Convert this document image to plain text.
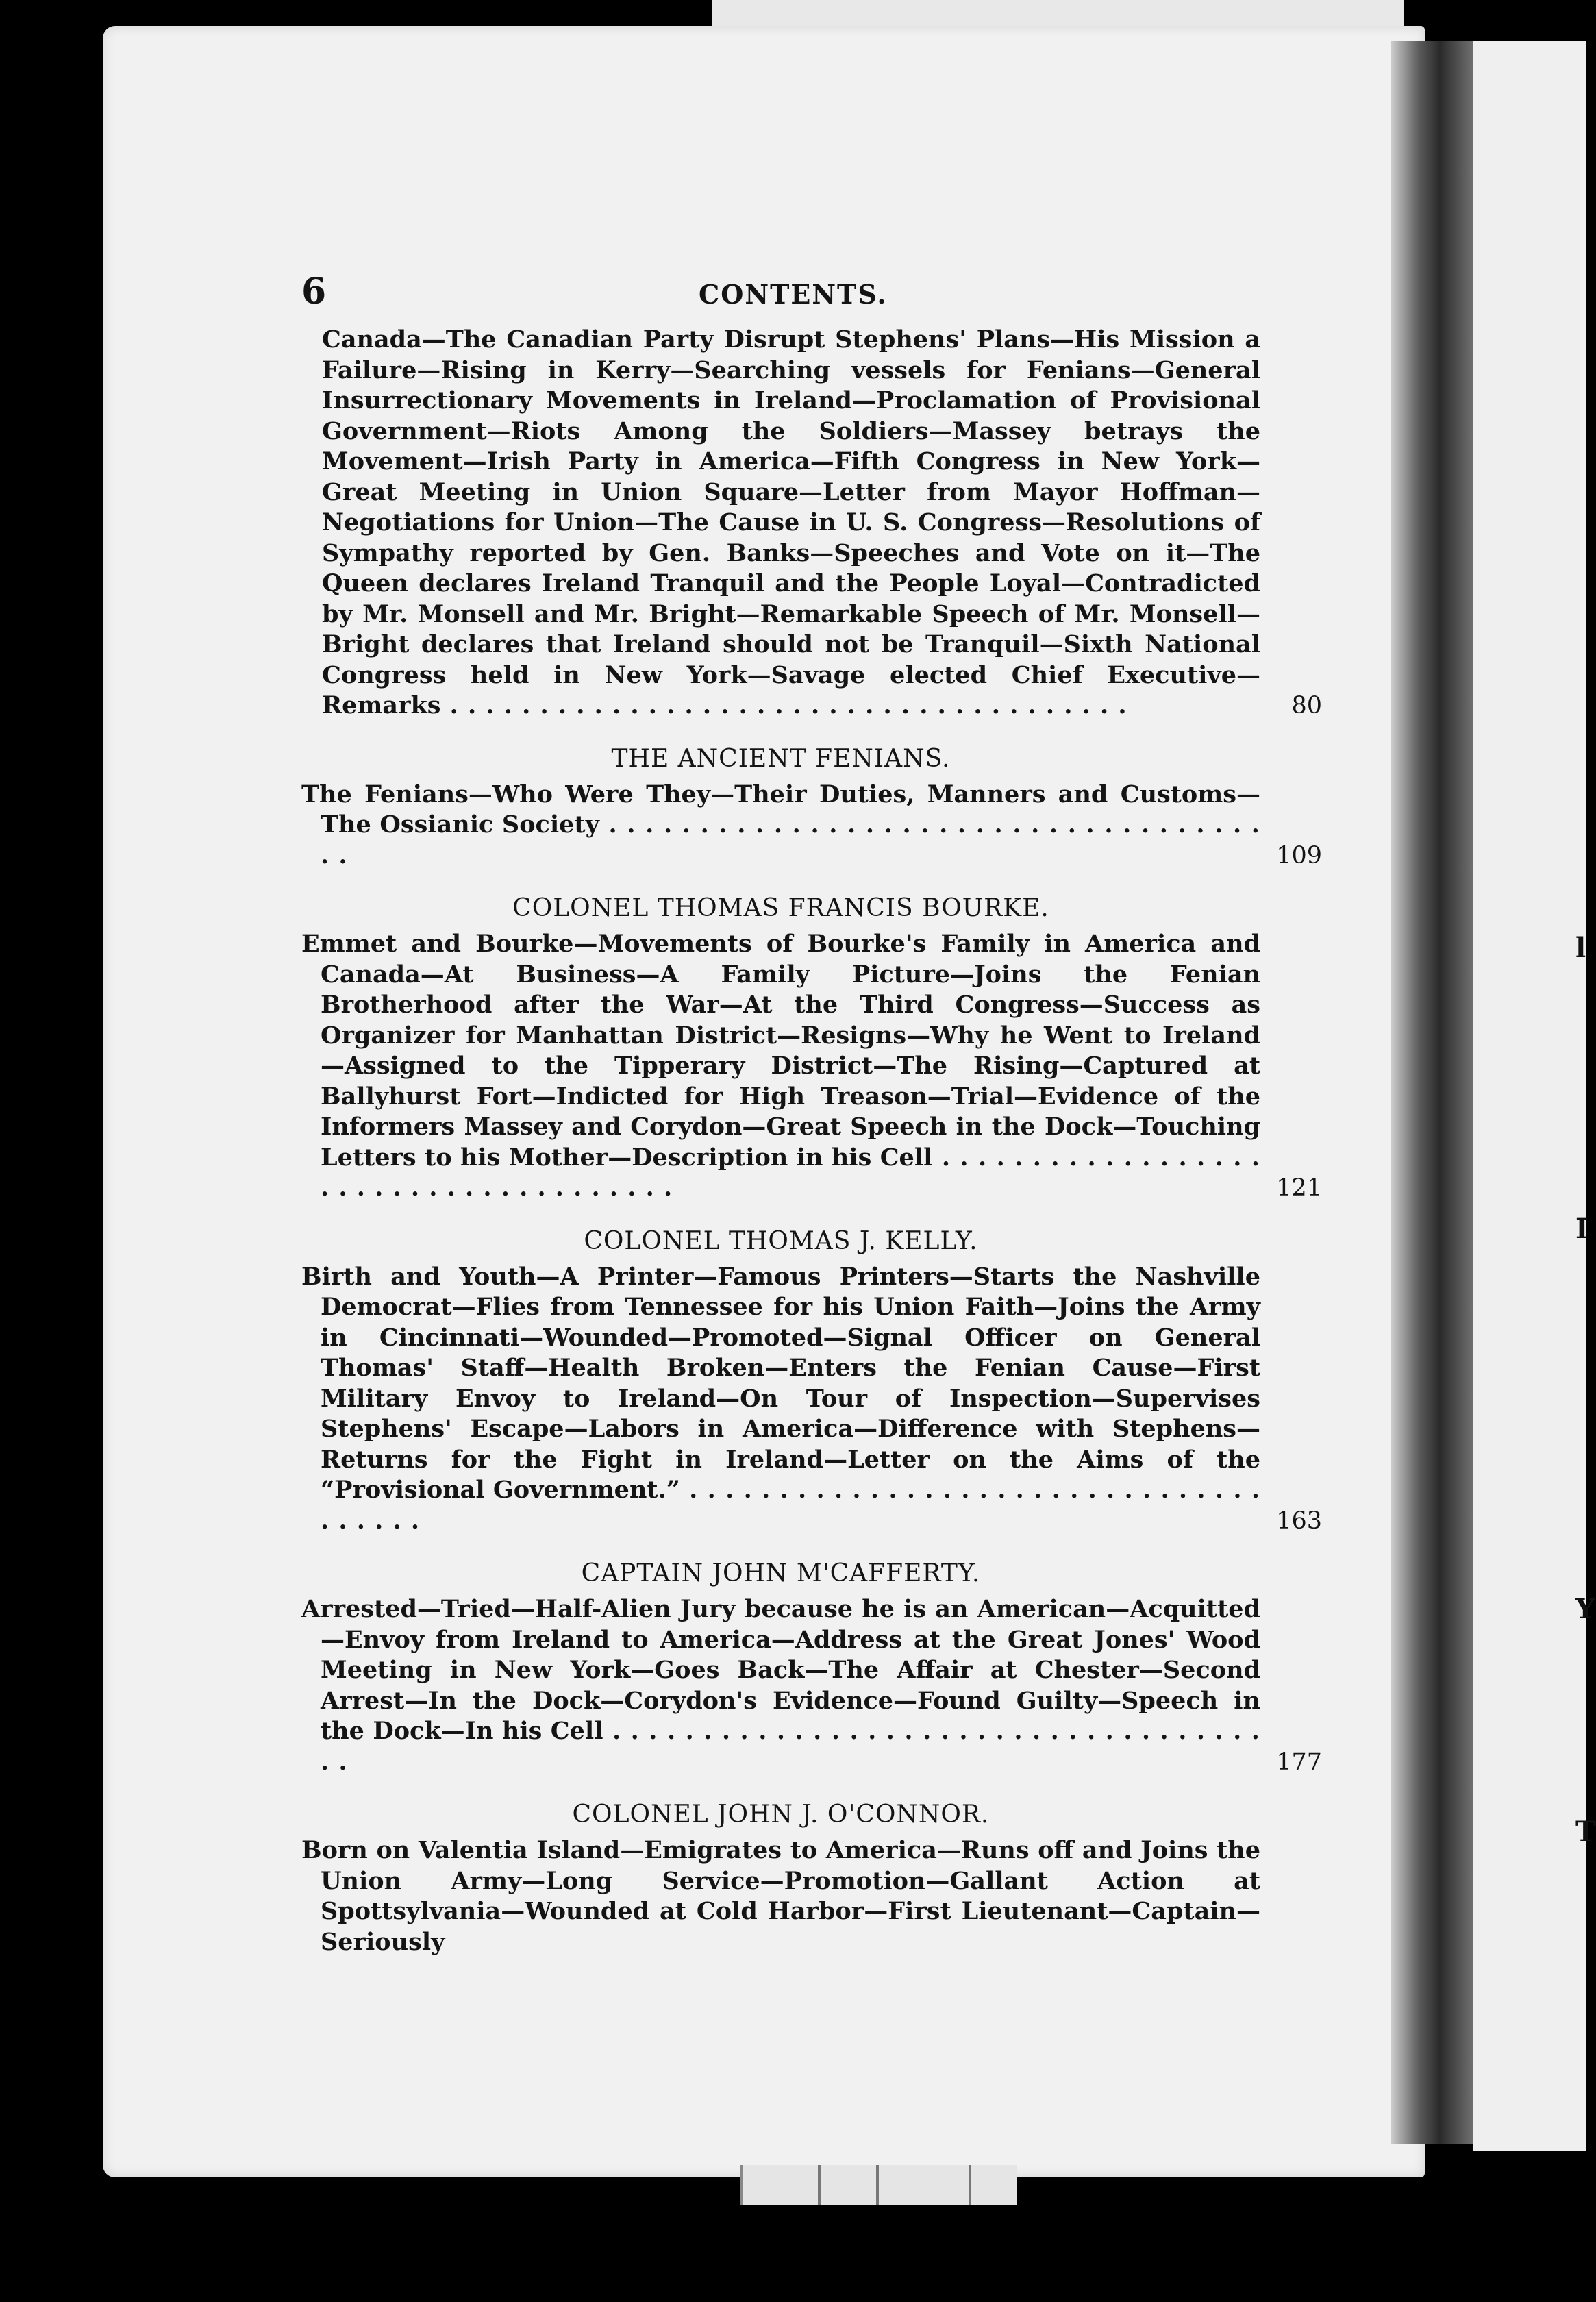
l
I
Y
T
6	CONTENTS.
Canada—The Canadian Party Disrupt Stephens' Plans—His Mission a Failure—Rising in Kerry—Searching vessels for Fenians—General Insurrectionary Movements in Ireland—Proclamation of Provisional Government—Riots Among the Soldiers—Massey betrays the Movement—Irish Party in America—Fifth Congress in New York—Great Meeting in Union Square—Letter from Mayor Hoffman—Negotiations for Union—The Cause in U. S. Congress—Resolutions of Sympathy reported by Gen. Banks—Speeches and Vote on it—The Queen declares Ireland Tranquil and the People Loyal—Contradicted by Mr. Monsell and Mr. Bright—Remarkable Speech of Mr. Monsell—Bright declares that Ireland should not be Tranquil—Sixth National Congress held in New York—Savage elected Chief Executive—Remarks . . .	80
THE ANCIENT FENIANS.
The Fenians—Who Were They—Their Duties, Manners and Customs—The Ossianic Society . . .
109
COLONEL THOMAS FRANCIS BOURKE.
Emmet and Bourke—Movements of Bourke's Family in America and Canada—At Business—A Family Picture—Joins the Fenian Brotherhood after the War—At the Third Congress—Success as Organizer for Manhattan District—Resigns—Why he Went to Ireland—Assigned to the Tipperary District—The Rising—Captured at Ballyhurst Fort—Indicted for High Treason—Trial—Evidence of the Informers Massey and Corydon—Great Speech in the Dock—Touching Letters to his Mother—Description in his Cell . . .
121
COLONEL THOMAS J. KELLY.
Birth and Youth—A Printer—Famous Printers—Starts the Nashville Democrat—Flies from Tennessee for his Union Faith—Joins the Army in Cincinnati—Wounded—Promoted—Signal Officer on General Thomas' Staff—Health Broken—Enters the Fenian Cause—First Military Envoy to Ireland—On Tour of Inspection—Supervises Stephens' Escape—Labors in America—Difference with Stephens—Returns for the Fight in Ireland—Letter on the Aims of the “Provisional Government.” . . .
163
CAPTAIN JOHN M'CAFFERTY.
Arrested—Tried—Half-Alien Jury because he is an American—Acquitted—Envoy from Ireland to America—Address at the Great Jones' Wood Meeting in New York—Goes Back—The Affair at Chester—Second Arrest—In the Dock—Corydon's Evidence—Found Guilty—Speech in the Dock—In his Cell . . .
177
COLONEL JOHN J. O'CONNOR.
Born on Valentia Island—Emigrates to America—Runs off and Joins the Union Army—Long Service—Promotion—Gallant Action at Spottsylvania—Wounded at Cold Harbor—First Lieutenant—Captain—Seriously
